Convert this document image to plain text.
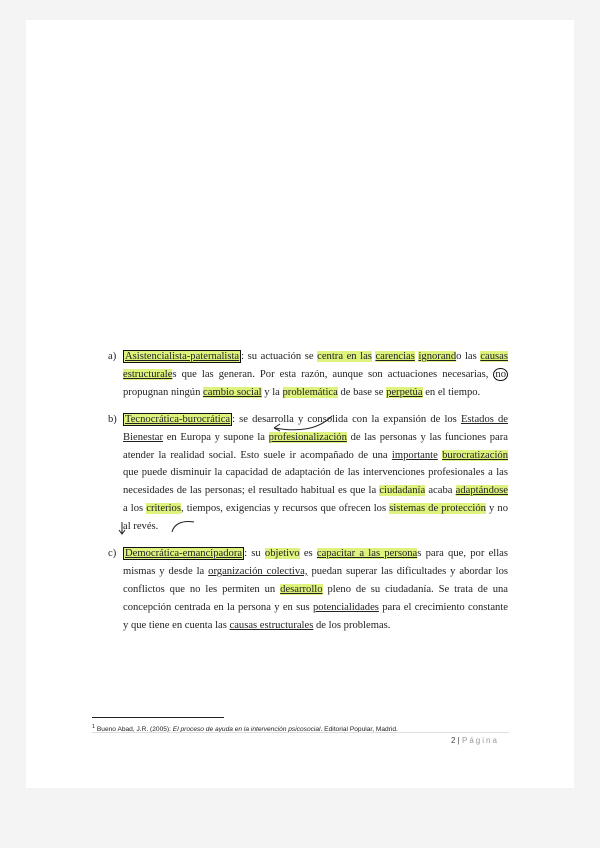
a) Asistencialista-paternalista : su actuación se centra en las carencias ignorando las causas estructurales que las generan. Por esta razón, aunque son actuaciones necesarias, no propugnan ningún cambio social y la problemática de base se perpetúa en el tiempo.
b) Tecnocrática-burocrática : se desarrolla y consolida con la expansión de los Estados de Bienestar en Europa y supone la profesionalización de las personas y las funciones para atender la realidad social. Esto suele ir acompañado de una importante burocratización que puede disminuir la capacidad de adaptación de las intervenciones profesionales a las necesidades de las personas; el resultado habitual es que la ciudadanía acaba adaptándose a los criterios, tiempos, exigencias y recursos que ofrecen los sistemas de protección y no al revés.
c) Democrática-emancipadora : su objetivo es capacitar a las personas para que, por ellas mismas y desde la organización colectiva, puedan superar las dificultades y abordar los conflictos que no les permiten un desarrollo pleno de su ciudadanía. Se trata de una concepción centrada en la persona y en sus potencialidades para el crecimiento constante y que tiene en cuenta las causas estructurales de los problemas.
$^1$ Bueno Abad, J.R. (2005): El proceso de ayuda en la intervención psicosocial. Editorial Popular, Madrid.
2 | Página
